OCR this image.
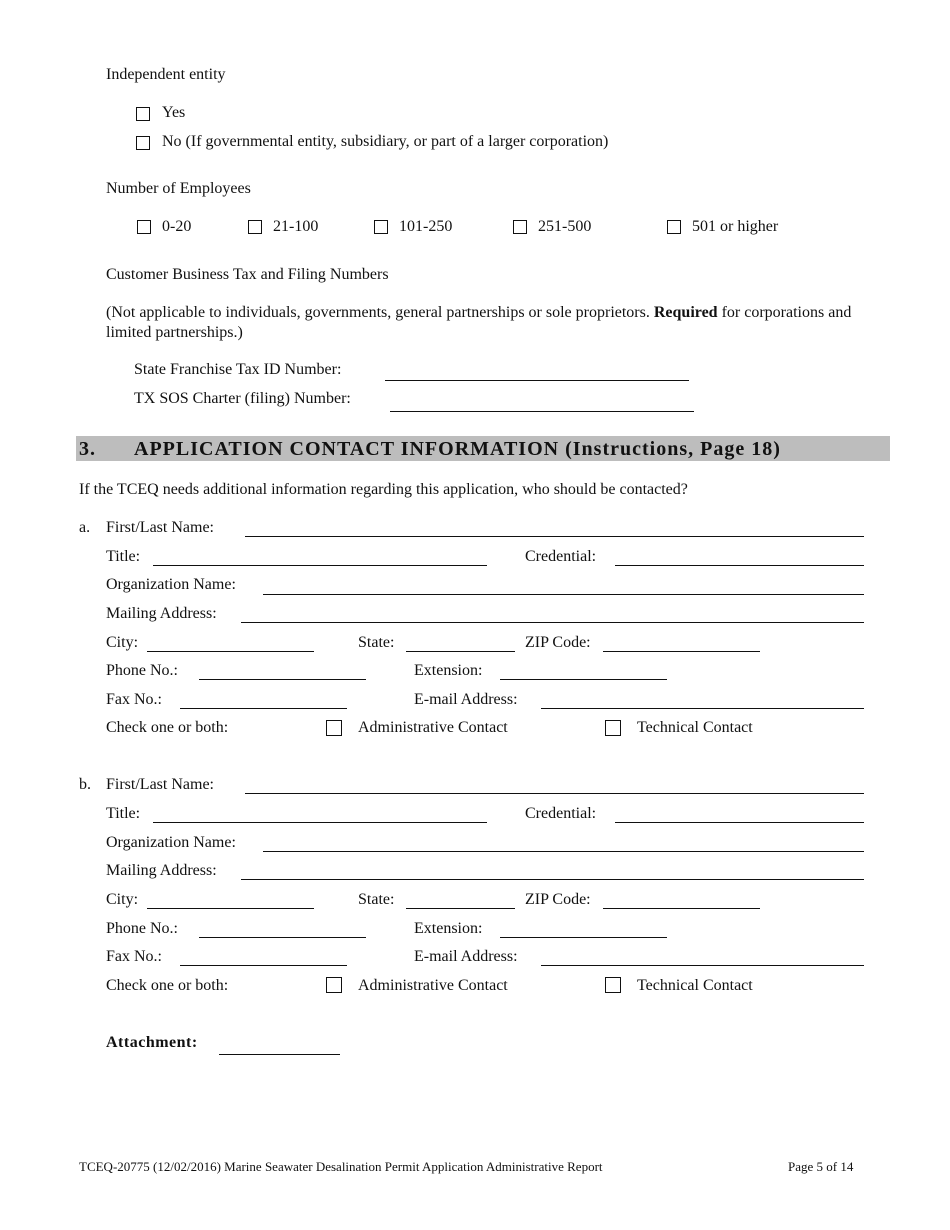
Independent entity
Yes
No (If governmental entity, subsidiary, or part of a larger corporation)
Number of Employees
0-20	21-100	101-250	251-500	501 or higher
Customer Business Tax and Filing Numbers
(Not applicable to individuals, governments, general partnerships or sole proprietors. Required for corporations and limited partnerships.)
State Franchise Tax ID Number:
TX SOS Charter (filing) Number:
3. APPLICATION CONTACT INFORMATION (Instructions, Page 18)
If the TCEQ needs additional information regarding this application, who should be contacted?
a. First/Last Name:
Title:	Credential:
Organization Name:
Mailing Address:
City:	State:	ZIP Code:
Phone No.:	Extension:
Fax No.:	E-mail Address:
Check one or both:	Administrative Contact	Technical Contact
b. First/Last Name:
Title:	Credential:
Organization Name:
Mailing Address:
City:	State:	ZIP Code:
Phone No.:	Extension:
Fax No.:	E-mail Address:
Check one or both:	Administrative Contact	Technical Contact
Attachment:
TCEQ-20775 (12/02/2016) Marine Seawater Desalination Permit Application Administrative Report	Page 5 of 14
